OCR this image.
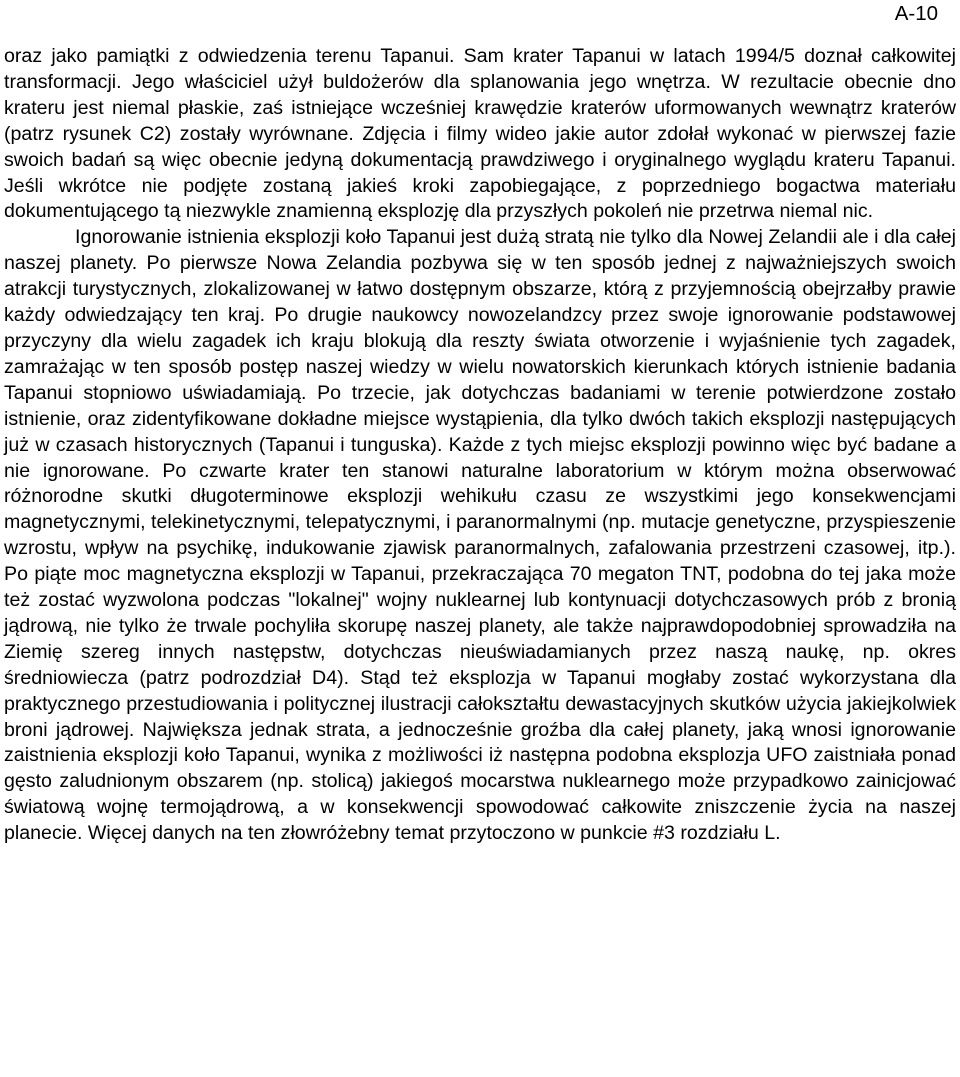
A-10

oraz jako pamiątki z odwiedzenia terenu Tapanui. Sam krater Tapanui w latach 1994/5 doznał całkowitej transformacji. Jego właściciel użył buldożerów dla splanowania jego wnętrza. W rezultacie obecnie dno krateru jest niemal płaskie, zaś istniejące wcześniej krawędzie kraterów uformowanych wewnątrz kraterów (patrz rysunek C2) zostały wyrównane. Zdjęcia i filmy wideo jakie autor zdołał wykonać w pierwszej fazie swoich badań są więc obecnie jedyną dokumentacją prawdziwego i oryginalnego wyglądu krateru Tapanui. Jeśli wkrótce nie podjęte zostaną jakieś kroki zapobiegające, z poprzedniego bogactwa materiału dokumentującego tą niezwykle znamienną eksplozję dla przyszłych pokoleń nie przetrwa niemal nic.

Ignorowanie istnienia eksplozji koło Tapanui jest dużą stratą nie tylko dla Nowej Zelandii ale i dla całej naszej planety. Po pierwsze Nowa Zelandia pozbywa się w ten sposób jednej z najważniejszych swoich atrakcji turystycznych, zlokalizowanej w łatwo dostępnym obszarze, którą z przyjemnością obejrzałby prawie każdy odwiedzający ten kraj. Po drugie naukowcy nowozelandzcy przez swoje ignorowanie podstawowej przyczyny dla wielu zagadek ich kraju blokują dla reszty świata otworzenie i wyjaśnienie tych zagadek, zamrażając w ten sposób postęp naszej wiedzy w wielu nowatorskich kierunkach których istnienie badania Tapanui stopniowo uświadamiają. Po trzecie, jak dotychczas badaniami w terenie potwierdzone zostało istnienie, oraz zidentyfikowane dokładne miejsce wystąpienia, dla tylko dwóch takich eksplozji następujących już w czasach historycznych (Tapanui i tunguska). Każde z tych miejsc eksplozji powinno więc być badane a nie ignorowane. Po czwarte krater ten stanowi naturalne laboratorium w którym można obserwować różnorodne skutki długoterminowe eksplozji wehikułu czasu ze wszystkimi jego konsekwencjami magnetycznymi, telekinetycznymi, telepatycznymi, i paranormalnymi (np. mutacje genetyczne, przyspieszenie wzrostu, wpływ na psychikę, indukowanie zjawisk paranormalnych, zafalowania przestrzeni czasowej, itp.). Po piąte moc magnetyczna eksplozji w Tapanui, przekraczająca 70 megaton TNT, podobna do tej jaka może też zostać wyzwolona podczas "lokalnej" wojny nuklearnej lub kontynuacji dotychczasowych prób z bronią jądrową, nie tylko że trwale pochyliła skorupę naszej planety, ale także najprawdopodobniej sprowadziła na Ziemię szereg innych następstw, dotychczas nieuświadamianych przez naszą naukę, np. okres średniowiecza (patrz podrozdział D4). Stąd też eksplozja w Tapanui mogłaby zostać wykorzystana dla praktycznego przestudiowania i politycznej ilustracji całokształtu dewastacyjnych skutków użycia jakiejkolwiek broni jądrowej. Największa jednak strata, a jednocześnie groźba dla całej planety, jaką wnosi ignorowanie zaistnienia eksplozji koło Tapanui, wynika z możliwości iż następna podobna eksplozja UFO zaistniała ponad gęsto zaludnionym obszarem (np. stolicą) jakiegoś mocarstwa nuklearnego może przypadkowo zainicjować światową wojnę termojądrową, a w konsekwencji spowodować całkowite zniszczenie życia na naszej planecie. Więcej danych na ten złowróżebny temat przytoczono w punkcie #3 rozdziału L.
